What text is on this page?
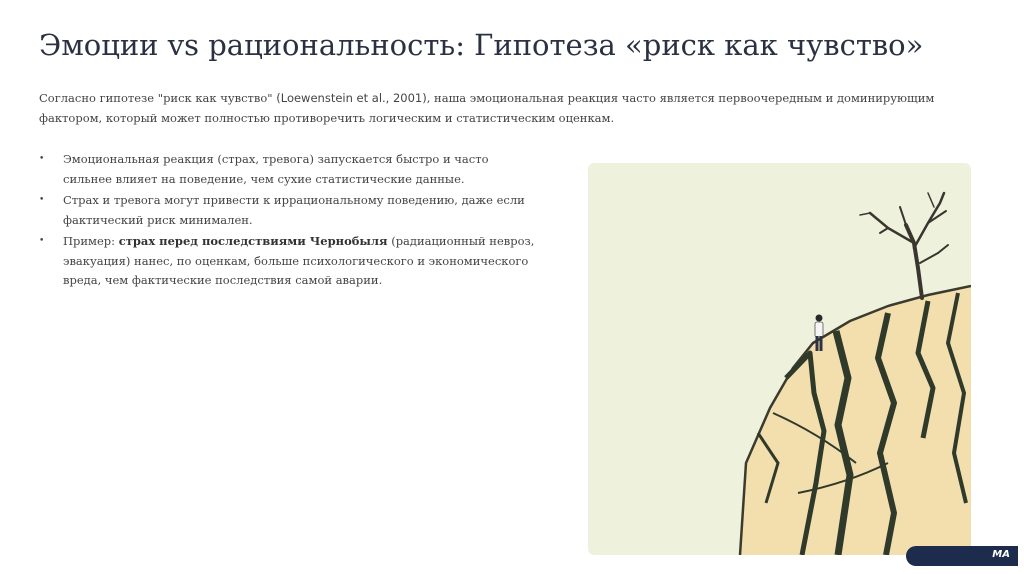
Эмоции vs рациональность: Гипотеза «риск как чувство»
Согласно гипотезе "риск как чувство" (Loewenstein et al., 2001), наша эмоциональная реакция часто является первоочередным и доминирующим фактором, который может полностью противоречить логическим и статистическим оценкам.
• Эмоциональная реакция (страх, тревога) запускается быстро и часто сильнее влияет на поведение, чем сухие статистические данные.
• Страх и тревога могут привести к иррациональному поведению, даже если фактический риск минимален.
• Пример: страх перед последствиями Чернобыля (радиационный невроз, эвакуация) нанес, по оценкам, больше психологического и экономического вреда, чем фактические последствия самой аварии.
MA
